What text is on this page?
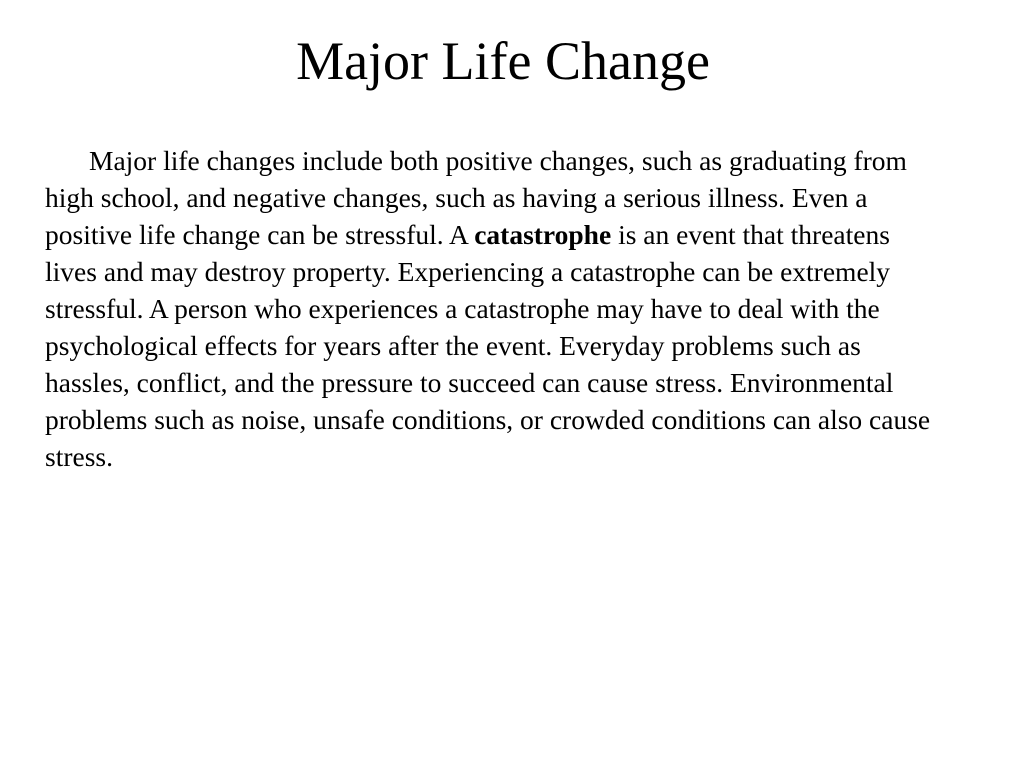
Major Life Change

Major life changes include both positive changes, such as graduating from high school, and negative changes, such as having a serious illness. Even a positive life change can be stressful. A catastrophe is an event that threatens lives and may destroy property. Experiencing a catastrophe can be extremely stressful. A person who experiences a catastrophe may have to deal with the psychological effects for years after the event. Everyday problems such as hassles, conflict, and the pressure to succeed can cause stress. Environmental problems such as noise, unsafe conditions, or crowded conditions can also cause stress.
